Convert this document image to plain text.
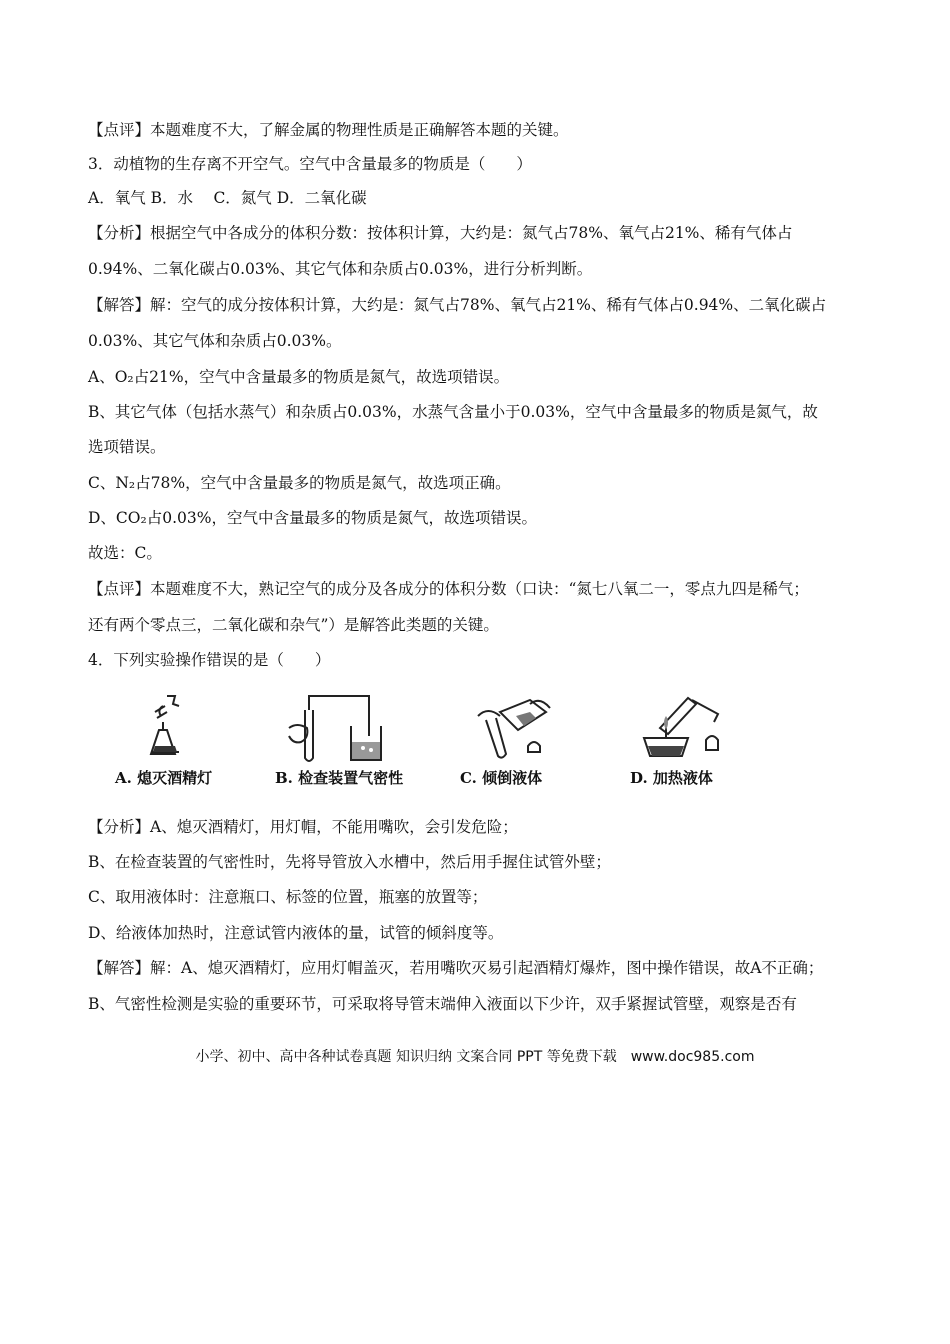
【点评】本题难度不大，了解金属的物理性质是正确解答本题的关键。
3．动植物的生存离不开空气。空气中含量最多的物质是（　　）
A．氧气 B．水　 C．氮气 D．二氧化碳
【分析】根据空气中各成分的体积分数：按体积计算，大约是：氮气占78%、氧气占21%、稀有气体占
0.94%、二氧化碳占0.03%、其它气体和杂质占0.03%，进行分析判断。
【解答】解：空气的成分按体积计算，大约是：氮气占78%、氧气占21%、稀有气体占0.94%、二氧化碳占
0.03%、其它气体和杂质占0.03%。
A、O₂占21%，空气中含量最多的物质是氮气，故选项错误。
B、其它气体（包括水蒸气）和杂质占0.03%，水蒸气含量小于0.03%，空气中含量最多的物质是氮气，故
选项错误。
C、N₂占78%，空气中含量最多的物质是氮气，故选项正确。
D、CO₂占0.03%，空气中含量最多的物质是氮气，故选项错误。
故选：C。
【点评】本题难度不大，熟记空气的成分及各成分的体积分数（口诀：“氮七八氧二一，零点九四是稀气；
还有两个零点三，二氧化碳和杂气”）是解答此类题的关键。
4．下列实验操作错误的是（　　）
A. 熄灭酒精灯	B. 检查装置气密性	C. 倾倒液体	D. 加热液体
【分析】A、熄灭酒精灯，用灯帽，不能用嘴吹，会引发危险；
B、在检查装置的气密性时，先将导管放入水槽中，然后用手握住试管外壁；
C、取用液体时：注意瓶口、标签的位置，瓶塞的放置等；
D、给液体加热时，注意试管内液体的量，试管的倾斜度等。
【解答】解：A、熄灭酒精灯，应用灯帽盖灭，若用嘴吹灭易引起酒精灯爆炸，图中操作错误，故A不正确；
B、气密性检测是实验的重要环节，可采取将导管末端伸入液面以下少许，双手紧握试管壁，观察是否有
小学、初中、高中各种试卷真题 知识归纳 文案合同 PPT 等免费下载　www.doc985.com
